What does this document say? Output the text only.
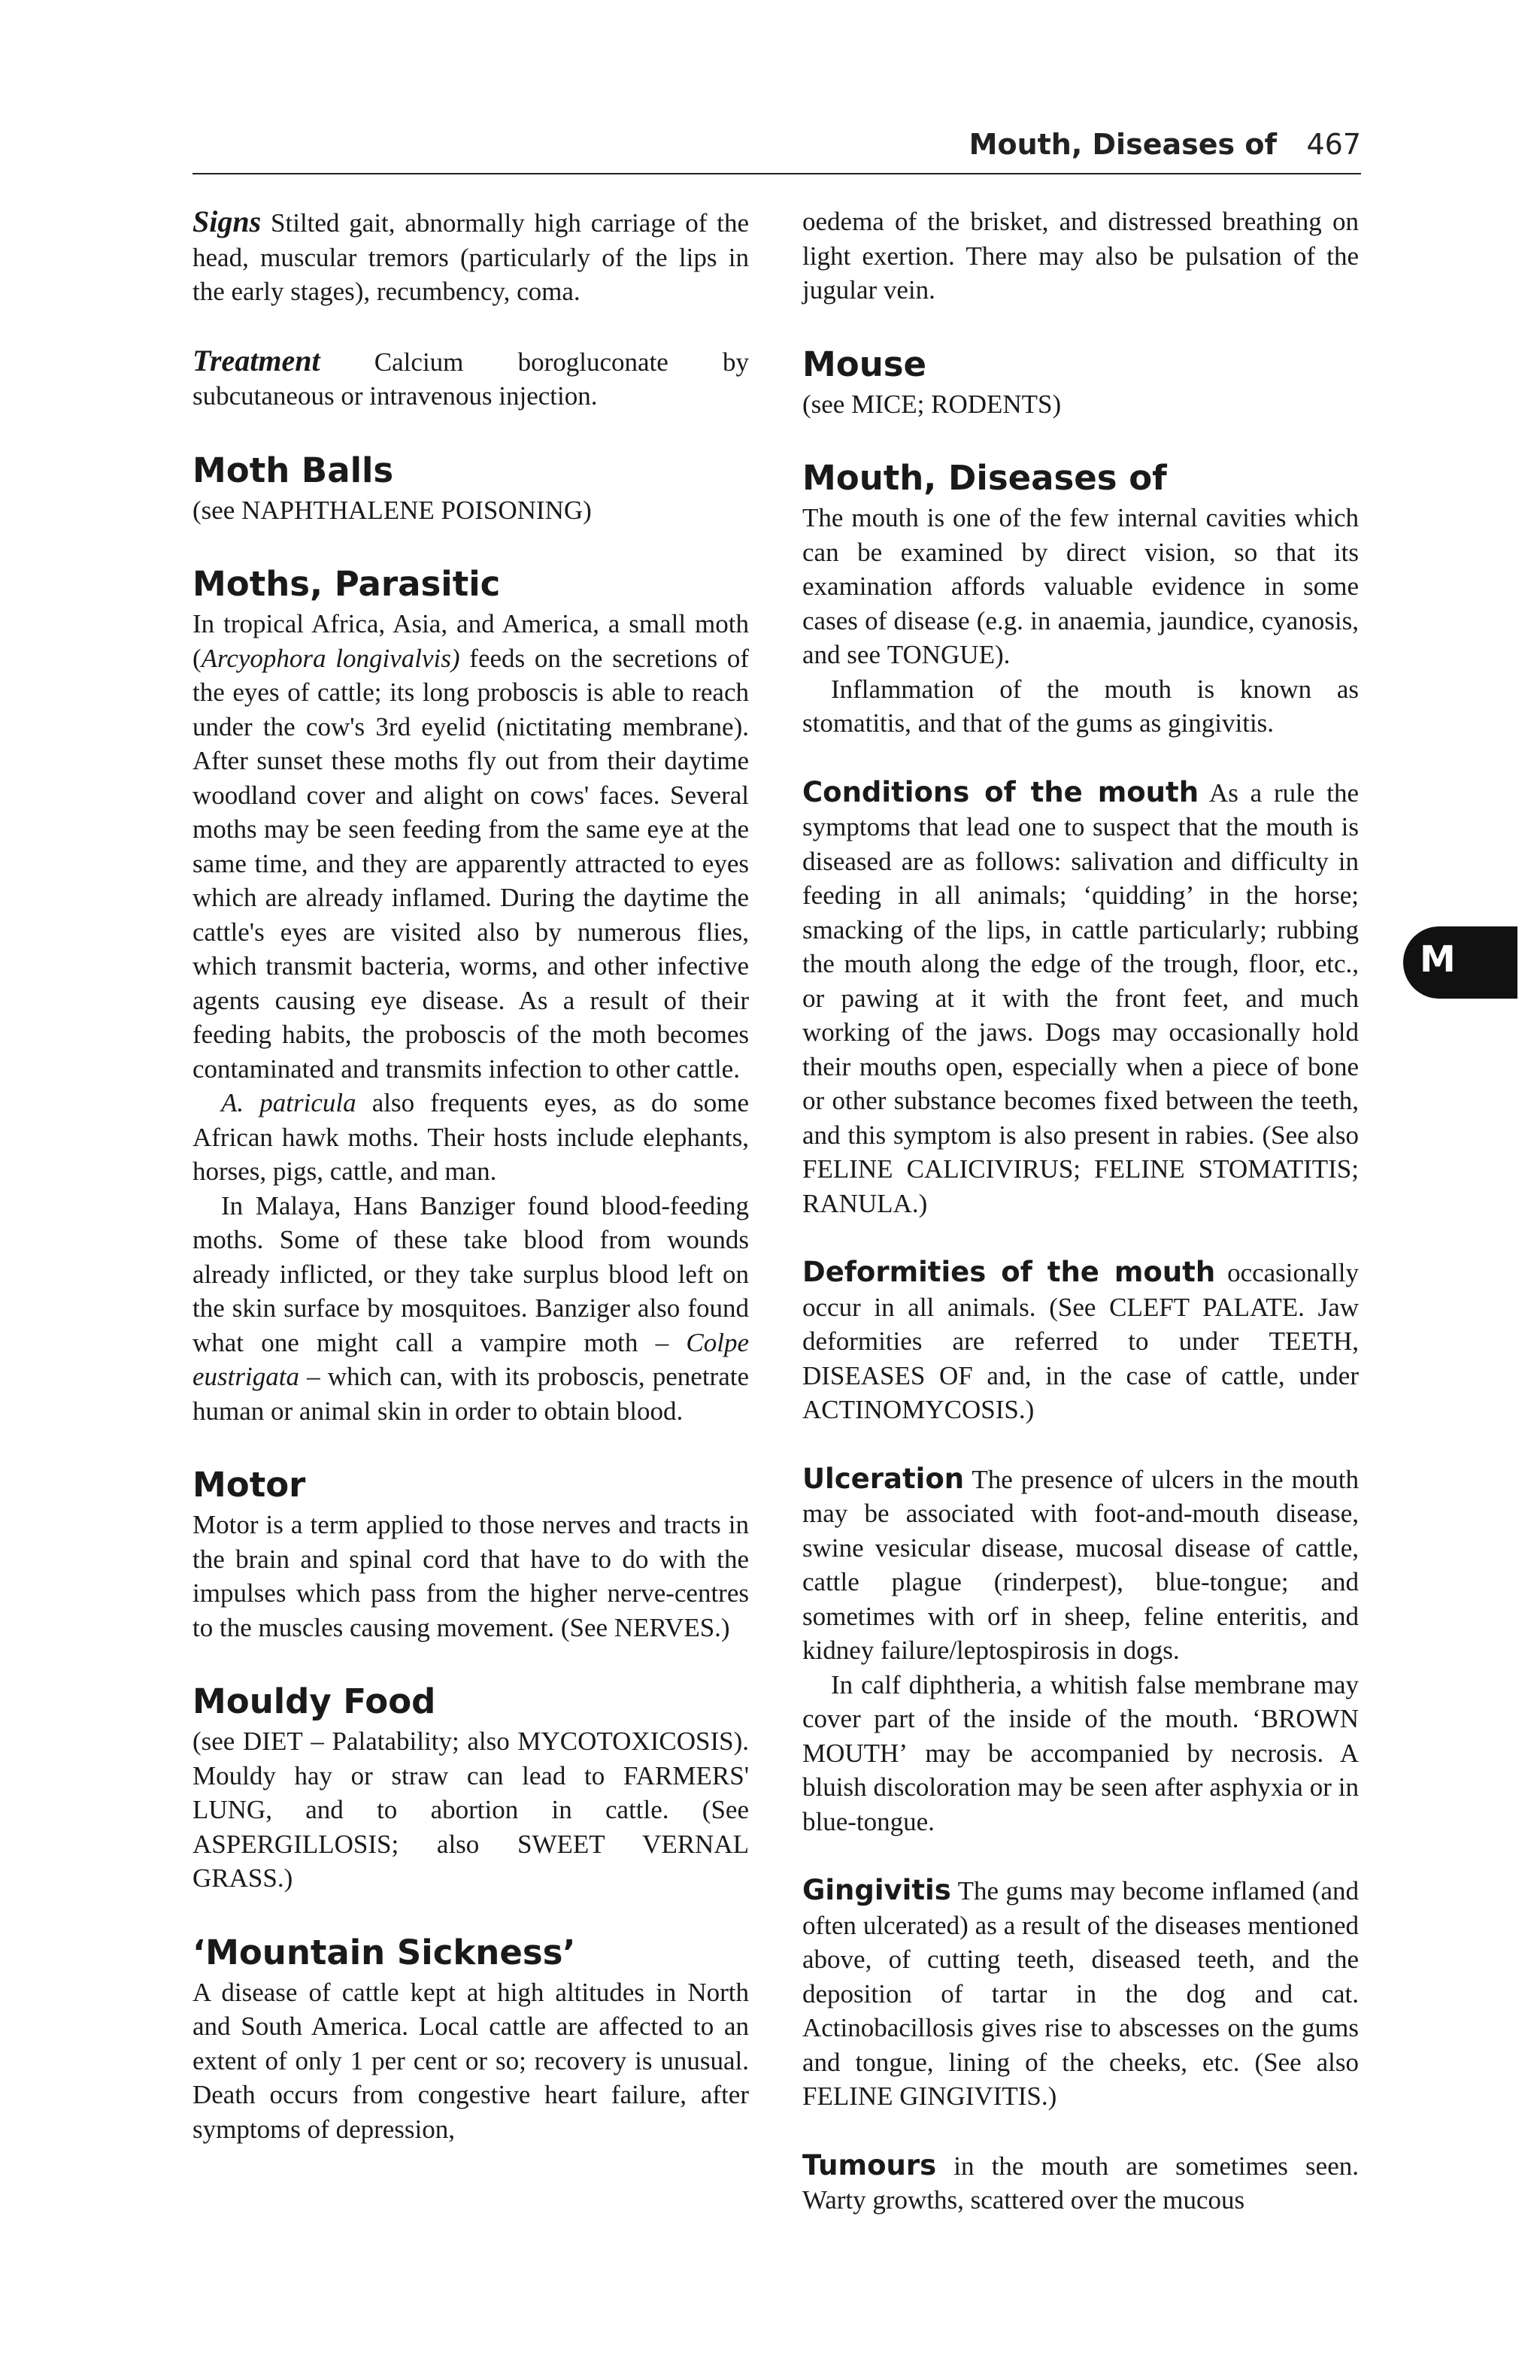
Mouth, Diseases of 467
M

Signs Stilted gait, abnormally high carriage of the head, muscular tremors (particularly of the lips in the early stages), recumbency, coma.

Treatment Calcium borogluconate by subcutaneous or intravenous injection.

Moth Balls

(see NAPHTHALENE POISONING)

Moths, Parasitic

In tropical Africa, Asia, and America, a small moth (Arcyophora longivalvis) feeds on the secretions of the eyes of cattle; its long proboscis is able to reach under the cow's 3rd eyelid (nictitating membrane). After sunset these moths fly out from their daytime woodland cover and alight on cows' faces. Several moths may be seen feeding from the same eye at the same time, and they are apparently attracted to eyes which are already inflamed. During the daytime the cattle's eyes are visited also by numerous flies, which transmit bacteria, worms, and other infective agents causing eye disease. As a result of their feeding habits, the proboscis of the moth becomes contaminated and transmits infection to other cattle.

A. patricula also frequents eyes, as do some African hawk moths. Their hosts include elephants, horses, pigs, cattle, and man.

In Malaya, Hans Banziger found blood-feeding moths. Some of these take blood from wounds already inflicted, or they take surplus blood left on the skin surface by mosquitoes. Banziger also found what one might call a vampire moth – Colpe eustrigata – which can, with its proboscis, penetrate human or animal skin in order to obtain blood.

Motor

Motor is a term applied to those nerves and tracts in the brain and spinal cord that have to do with the impulses which pass from the higher nerve-centres to the muscles causing movement. (See NERVES.)

Mouldy Food

(see DIET – Palatability; also MYCOTOXICOSIS). Mouldy hay or straw can lead to FARMERS' LUNG, and to abortion in cattle. (See ASPERGILLOSIS; also SWEET VERNAL GRASS.)

‘Mountain Sickness’

A disease of cattle kept at high altitudes in North and South America. Local cattle are affected to an extent of only 1 per cent or so; recovery is unusual. Death occurs from congestive heart failure, after symptoms of depression,

oedema of the brisket, and distressed breathing on light exertion. There may also be pulsation of the jugular vein.

Mouse

(see MICE; RODENTS)

Mouth, Diseases of

The mouth is one of the few internal cavities which can be examined by direct vision, so that its examination affords valuable evidence in some cases of disease (e.g. in anaemia, jaundice, cyanosis, and see TONGUE).

Inflammation of the mouth is known as stomatitis, and that of the gums as gingivitis.

Conditions of the mouth As a rule the symptoms that lead one to suspect that the mouth is diseased are as follows: salivation and difficulty in feeding in all animals; ‘quidding’ in the horse; smacking of the lips, in cattle particularly; rubbing the mouth along the edge of the trough, floor, etc., or pawing at it with the front feet, and much working of the jaws. Dogs may occasionally hold their mouths open, especially when a piece of bone or other substance becomes fixed between the teeth, and this symptom is also present in rabies. (See also FELINE CALICIVIRUS; FELINE STOMATITIS; RANULA.)

Deformities of the mouth occasionally occur in all animals. (See CLEFT PALATE. Jaw deformities are referred to under TEETH, DISEASES OF and, in the case of cattle, under ACTINOMYCOSIS.)

Ulceration The presence of ulcers in the mouth may be associated with foot-and-mouth disease, swine vesicular disease, mucosal disease of cattle, cattle plague (rinderpest), blue-tongue; and sometimes with orf in sheep, feline enteritis, and kidney failure/leptospirosis in dogs.

In calf diphtheria, a whitish false membrane may cover part of the inside of the mouth. ‘BROWN MOUTH’ may be accompanied by necrosis. A bluish discoloration may be seen after asphyxia or in blue-tongue.

Gingivitis The gums may become inflamed (and often ulcerated) as a result of the diseases mentioned above, of cutting teeth, diseased teeth, and the deposition of tartar in the dog and cat. Actinobacillosis gives rise to abscesses on the gums and tongue, lining of the cheeks, etc. (See also FELINE GINGIVITIS.)

Tumours in the mouth are sometimes seen. Warty growths, scattered over the mucous
